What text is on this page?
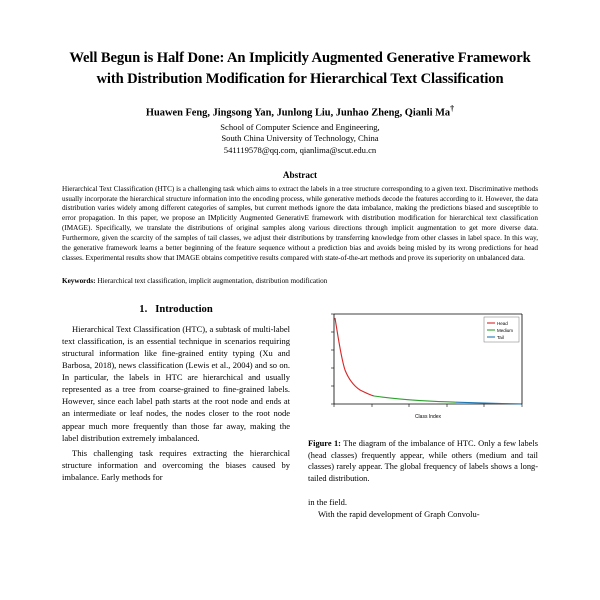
Well Begun is Half Done: An Implicitly Augmented Generative Framework with Distribution Modification for Hierarchical Text Classification
Huawen Feng, Jingsong Yan, Junlong Liu, Junhao Zheng, Qianli Ma†
School of Computer Science and Engineering,
South China University of Technology, China
541119578@qq.com, qianlima@scut.edu.cn
Abstract

Hierarchical Text Classification (HTC) is a challenging task which aims to extract the labels in a tree structure corresponding to a given text. Discriminative methods usually incorporate the hierarchical structure information into the encoding process, while generative methods decode the features according to it. However, the data distribution varies widely among different categories of samples, but current methods ignore the data imbalance, making the predictions biased and susceptible to error propagation. In this paper, we propose an IMplicitly Augmented GenerativE framework with distribution modification for hierarchical text classification (IMAGE). Specifically, we translate the distributions of original samples along various directions through implicit augmentation to get more diverse data. Furthermore, given the scarcity of the samples of tail classes, we adjust their distributions by transferring knowledge from other classes in label space. In this way, the generative framework learns a better beginning of the feature sequence without a prediction bias and avoids being misled by its wrong predictions for head classes. Experimental results show that IMAGE obtains competitive results compared with state-of-the-art methods and prove its superiority on unbalanced data.

Keywords: Hierarchical text classification, implicit augmentation, distribution modification

1. Introduction

Hierarchical Text Classification (HTC), a subtask of multi-label text classification, is an essential technique in scenarios requiring structural information like fine-grained entity typing (Xu and Barbosa, 2018), news classification (Lewis et al., 2004) and so on. In particular, the labels in HTC are hierarchical and usually represented as a tree from coarse-grained to fine-grained labels. However, since each label path starts at the root node and ends at an intermediate or leaf nodes, the nodes closer to the root node appear much more frequently than those far away, making the label distribution extremely imbalanced.

This challenging task requires extracting the hierarchical structure information and overcoming the biases caused by imbalance. Early methods for

Head
Medium
Tail
Class Index

Figure 1: The diagram of the imbalance of HTC. Only a few labels (head classes) frequently appear, while others (medium and tail classes) rarely appear. The global frequency of labels shows a long-tailed distribution.

in the field.

With the rapid development of Graph Convolu-
